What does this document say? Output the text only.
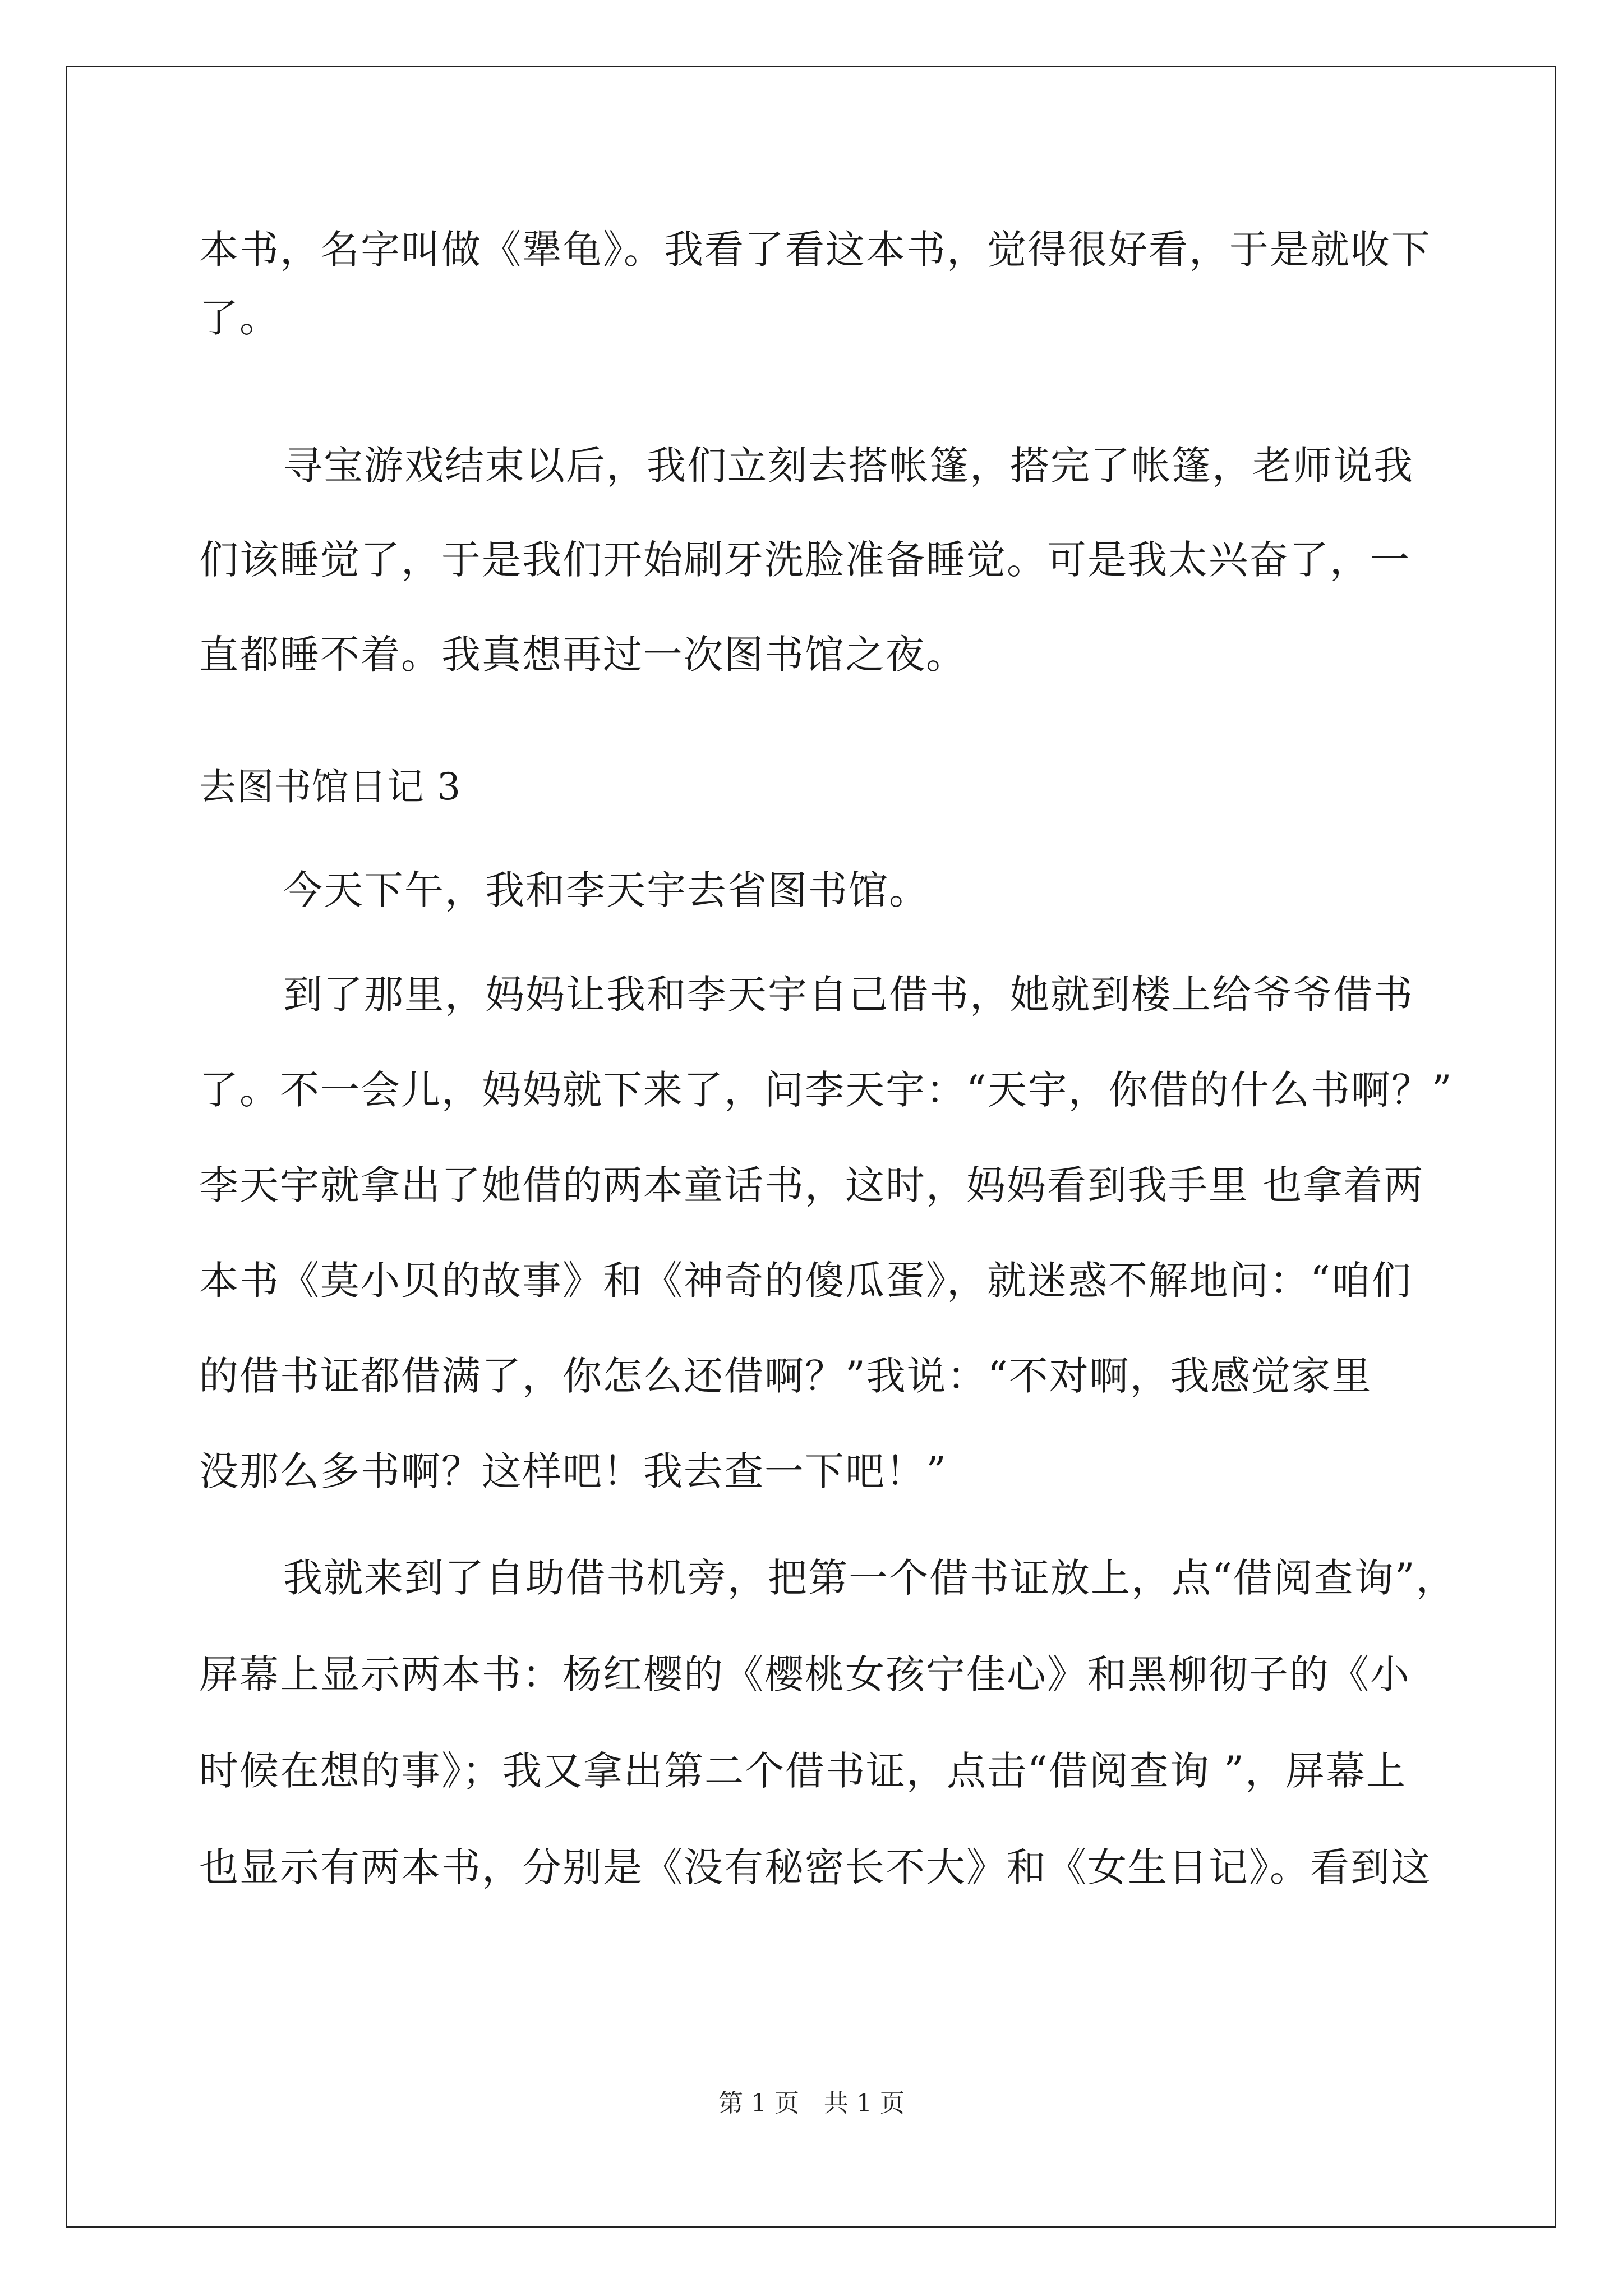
本书，名字叫做《犟龟》。我看了看这本书，觉得很好看，于是就收下
了。
寻宝游戏结束以后，我们立刻去搭帐篷，搭完了帐篷，老师说我
们该睡觉了，于是我们开始刷牙洗脸准备睡觉。可是我太兴奋了，一
直都睡不着。我真想再过一次图书馆之夜。
去图书馆日记 3
今天下午，我和李天宇去省图书馆。
到了那里，妈妈让我和李天宇自己借书，她就到楼上给爷爷借书
了。不一会儿，妈妈就下来了，问李天宇：“天宇，你借的什么书啊？”
李天宇就拿出了她借的两本童话书，这时，妈妈看到我手里 也拿着两
本书《莫小贝的故事》和《神奇的傻瓜蛋》，就迷惑不解地问：“咱们
的借书证都借满了，你怎么还借啊？”我说：“不对啊，我感觉家里
没那么多书啊？这样吧！我去查一下吧！”
我就来到了自助借书机旁，把第一个借书证放上，点“借阅查询”，
屏幕上显示两本书：杨红樱的《樱桃女孩宁佳心》和黑柳彻子的《小
时候在想的事》；我又拿出第二个借书证，点击“借阅查询 ”，屏幕上
也显示有两本书，分别是《没有秘密长不大》和《女生日记》。看到这
第 1 页　共 1 页
